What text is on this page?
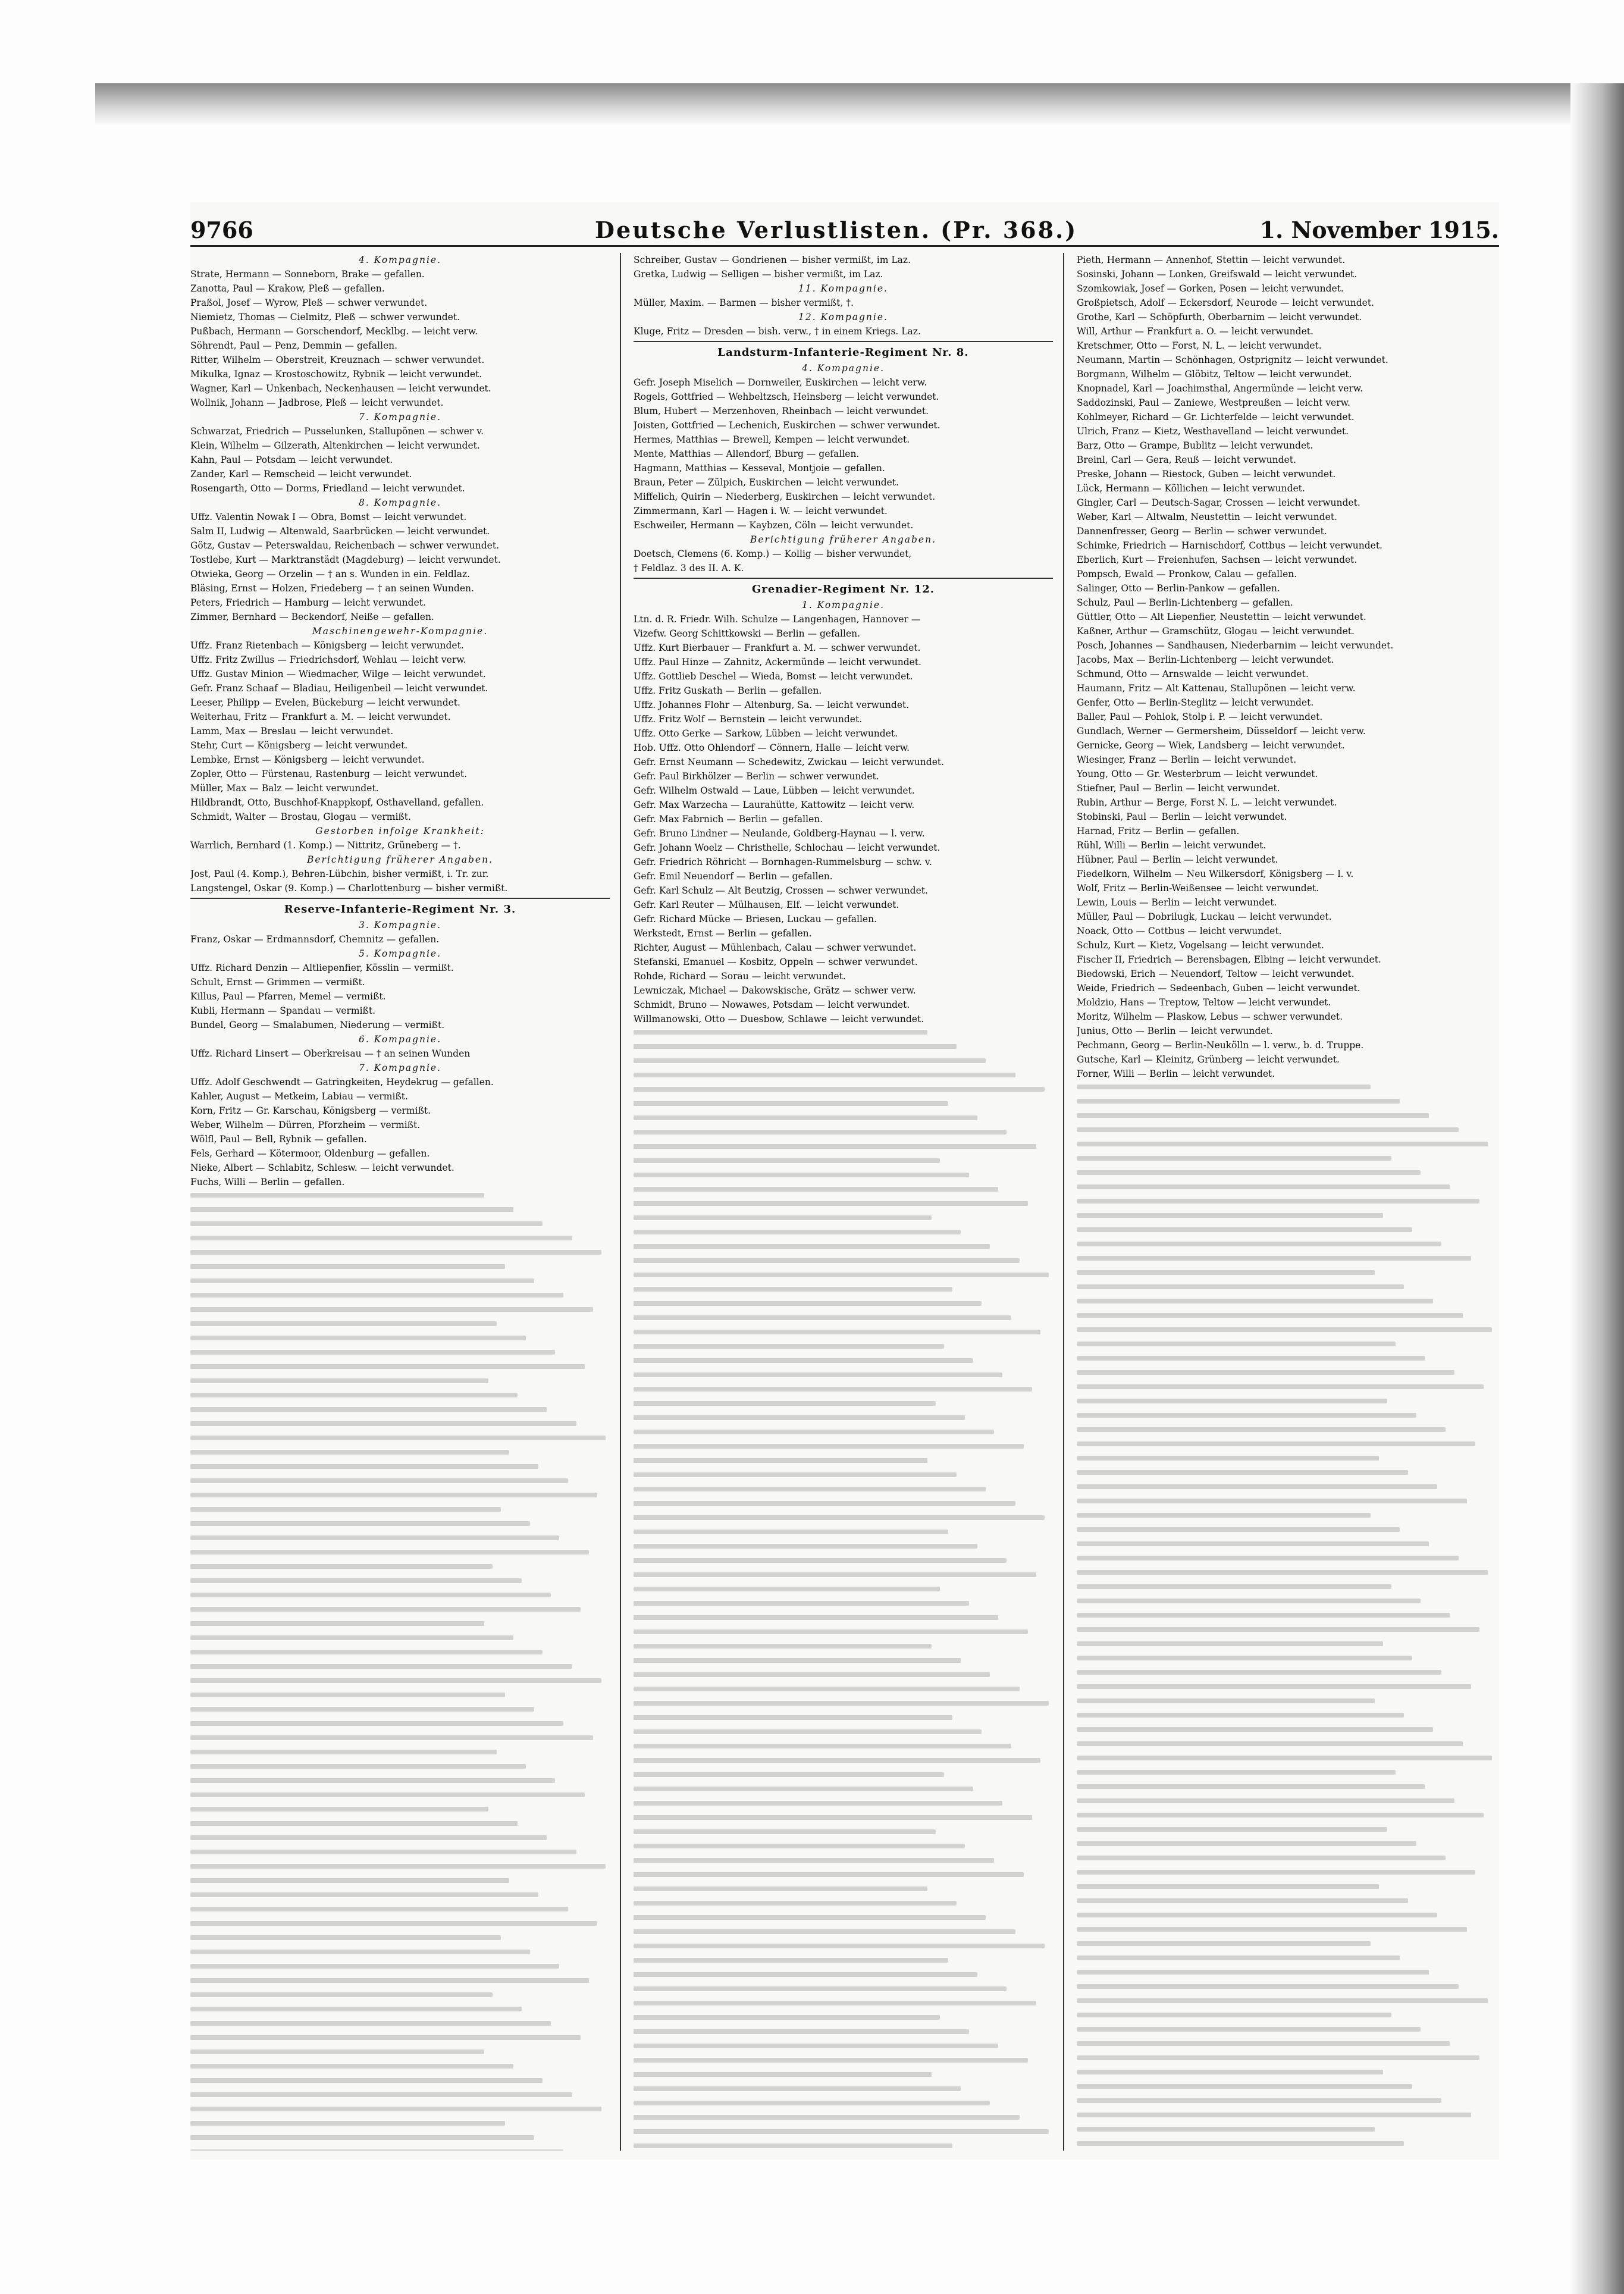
9766	Deutsche Verlustlisten. (Pr. 368.)	1. November 1915.
4. Kompagnie.
Strate, Hermann — Sonneborn, Brake — gefallen.
Zanotta, Paul — Krakow, Pleß — gefallen.
Praßol, Josef — Wyrow, Pleß — schwer verwundet.
Niemietz, Thomas — Cielmitz, Pleß — schwer verwundet.
Pußbach, Hermann — Gorschendorf, Mecklbg. — leicht verw.
Söhrendt, Paul — Penz, Demmin — gefallen.
Ritter, Wilhelm — Oberstreit, Kreuznach — schwer verwundet.
Mikulka, Ignaz — Krostoschowitz, Rybnik — leicht verwundet.
Wagner, Karl — Unkenbach, Neckenhausen — leicht verwundet.
Wollnik, Johann — Jadbrose, Pleß — leicht verwundet.
7. Kompagnie.
Schwarzat, Friedrich — Pusselunken, Stallupönen — schwer v.
Klein, Wilhelm — Gilzerath, Altenkirchen — leicht verwundet.
Kahn, Paul — Potsdam — leicht verwundet.
Zander, Karl — Remscheid — leicht verwundet.
Rosengarth, Otto — Dorms, Friedland — leicht verwundet.
8. Kompagnie.
Uffz. Valentin Nowak I — Obra, Bomst — leicht verwundet.
Salm II, Ludwig — Altenwald, Saarbrücken — leicht verwundet.
Götz, Gustav — Peterswaldau, Reichenbach — schwer verwundet.
Tostlebe, Kurt — Marktranstädt (Magdeburg) — leicht verwundet.
Otwieka, Georg — Orzelin — † an s. Wunden in ein. Feldlaz.
Bläsing, Ernst — Holzen, Friedeberg — † an seinen Wunden.
Peters, Friedrich — Hamburg — leicht verwundet.
Zimmer, Bernhard — Beckendorf, Neiße — gefallen.
Maschinengewehr-Kompagnie.
Uffz. Franz Rietenbach — Königsberg — leicht verwundet.
Uffz. Fritz Zwillus — Friedrichsdorf, Wehlau — leicht verw.
Uffz. Gustav Minion — Wiedmacher, Wilge — leicht verwundet.
Gefr. Franz Schaaf — Bladiau, Heiligenbeil — leicht verwundet.
Leeser, Philipp — Evelen, Bückeburg — leicht verwundet.
Weiterhau, Fritz — Frankfurt a. M. — leicht verwundet.
Lamm, Max — Breslau — leicht verwundet.
Stehr, Curt — Königsberg — leicht verwundet.
Lembke, Ernst — Königsberg — leicht verwundet.
Zopler, Otto — Fürstenau, Rastenburg — leicht verwundet.
Müller, Max — Balz — leicht verwundet.
Hildbrandt, Otto, Buschhof-Knappkopf, Osthavelland, gefallen.
Schmidt, Walter — Brostau, Glogau — vermißt.
Gestorben infolge Krankheit:
Warrlich, Bernhard (1. Komp.) — Nittritz, Grüneberg — †.
Berichtigung früherer Angaben.
Jost, Paul (4. Komp.), Behren-Lübchin, bisher vermißt, i. Tr. zur.
Langstengel, Oskar (9. Komp.) — Charlottenburg — bisher vermißt.
Reserve-Infanterie-Regiment Nr. 3.
3. Kompagnie.
Franz, Oskar — Erdmannsdorf, Chemnitz — gefallen.
5. Kompagnie.
Uffz. Richard Denzin — Altliepenfier, Kösslin — vermißt.
Schult, Ernst — Grimmen — vermißt.
Killus, Paul — Pfarren, Memel — vermißt.
Kubli, Hermann — Spandau — vermißt.
Bundel, Georg — Smalabumen, Niederung — vermißt.
6. Kompagnie.
Uffz. Richard Linsert — Oberkreisau — † an seinen Wunden
7. Kompagnie.
Uffz. Adolf Geschwendt — Gatringkeiten, Heydekrug — gefallen.
Kahler, August — Metkeim, Labiau — vermißt.
Korn, Fritz — Gr. Karschau, Königsberg — vermißt.
Weber, Wilhelm — Dürren, Pforzheim — vermißt.
Wölfl, Paul — Bell, Rybnik — gefallen.
Fels, Gerhard — Kötermoor, Oldenburg — gefallen.
Nieke, Albert — Schlabitz, Schlesw. — leicht verwundet.
Fuchs, Willi — Berlin — gefallen.
Schreiber, Gustav — Gondrienen — bisher vermißt, im Laz.
Gretka, Ludwig — Selligen — bisher vermißt, im Laz.
11. Kompagnie.
Müller, Maxim. — Barmen — bisher vermißt, †.
12. Kompagnie.
Kluge, Fritz — Dresden — bish. verw., † in einem Kriegs. Laz.
Landsturm-Infanterie-Regiment Nr. 8.
4. Kompagnie.
Gefr. Joseph Miselich — Dornweiler, Euskirchen — leicht verw.
Rogels, Gottfried — Wehbeltzsch, Heinsberg — leicht verwundet.
Blum, Hubert — Merzenhoven, Rheinbach — leicht verwundet.
Joisten, Gottfried — Lechenich, Euskirchen — schwer verwundet.
Hermes, Matthias — Brewell, Kempen — leicht verwundet.
Mente, Matthias — Allendorf, Bburg — gefallen.
Hagmann, Matthias — Kesseval, Montjoie — gefallen.
Braun, Peter — Zülpich, Euskirchen — leicht verwundet.
Miffelich, Quirin — Niederberg, Euskirchen — leicht verwundet.
Zimmermann, Karl — Hagen i. W. — leicht verwundet.
Eschweiler, Hermann — Kaybzen, Cöln — leicht verwundet.
Berichtigung früherer Angaben.
Doetsch, Clemens (6. Komp.) — Kollig — bisher verwundet,
† Feldlaz. 3 des II. A. K.
Grenadier-Regiment Nr. 12.
1. Kompagnie.
Ltn. d. R. Friedr. Wilh. Schulze — Langenhagen, Hannover —
Vizefw. Georg Schittkowski — Berlin — gefallen.
Uffz. Kurt Bierbauer — Frankfurt a. M. — schwer verwundet.
Uffz. Paul Hinze — Zahnitz, Ackermünde — leicht verwundet.
Uffz. Gottlieb Deschel — Wieda, Bomst — leicht verwundet.
Uffz. Fritz Guskath — Berlin — gefallen.
Uffz. Johannes Flohr — Altenburg, Sa. — leicht verwundet.
Uffz. Fritz Wolf — Bernstein — leicht verwundet.
Uffz. Otto Gerke — Sarkow, Lübben — leicht verwundet.
Hob. Uffz. Otto Ohlendorf — Cönnern, Halle — leicht verw.
Gefr. Ernst Neumann — Schedewitz, Zwickau — leicht verwundet.
Gefr. Paul Birkhölzer — Berlin — schwer verwundet.
Gefr. Wilhelm Ostwald — Laue, Lübben — leicht verwundet.
Gefr. Max Warzecha — Laurahütte, Kattowitz — leicht verw.
Gefr. Max Fabrnich — Berlin — gefallen.
Gefr. Bruno Lindner — Neulande, Goldberg-Haynau — l. verw.
Gefr. Johann Woelz — Christhelle, Schlochau — leicht verwundet.
Gefr. Friedrich Röhricht — Bornhagen-Rummelsburg — schw. v.
Gefr. Emil Neuendorf — Berlin — gefallen.
Gefr. Karl Schulz — Alt Beutzig, Crossen — schwer verwundet.
Gefr. Karl Reuter — Mülhausen, Elf. — leicht verwundet.
Gefr. Richard Mücke — Briesen, Luckau — gefallen.
Werkstedt, Ernst — Berlin — gefallen.
Richter, August — Mühlenbach, Calau — schwer verwundet.
Stefanski, Emanuel — Kosbitz, Oppeln — schwer verwundet.
Rohde, Richard — Sorau — leicht verwundet.
Lewniczak, Michael — Dakowskische, Grätz — schwer verw.
Schmidt, Bruno — Nowawes, Potsdam — leicht verwundet.
Willmanowski, Otto — Duesbow, Schlawe — leicht verwundet.
Pieth, Hermann — Annenhof, Stettin — leicht verwundet.
Sosinski, Johann — Lonken, Greifswald — leicht verwundet.
Szomkowiak, Josef — Gorken, Posen — leicht verwundet.
Großpietsch, Adolf — Eckersdorf, Neurode — leicht verwundet.
Grothe, Karl — Schöpfurth, Oberbarnim — leicht verwundet.
Will, Arthur — Frankfurt a. O. — leicht verwundet.
Kretschmer, Otto — Forst, N. L. — leicht verwundet.
Neumann, Martin — Schönhagen, Ostprignitz — leicht verwundet.
Borgmann, Wilhelm — Glöbitz, Teltow — leicht verwundet.
Knopnadel, Karl — Joachimsthal, Angermünde — leicht verw.
Saddozinski, Paul — Zaniewe, Westpreußen — leicht verw.
Kohlmeyer, Richard — Gr. Lichterfelde — leicht verwundet.
Ulrich, Franz — Kietz, Westhavelland — leicht verwundet.
Barz, Otto — Grampe, Bublitz — leicht verwundet.
Breinl, Carl — Gera, Reuß — leicht verwundet.
Preske, Johann — Riestock, Guben — leicht verwundet.
Lück, Hermann — Köllichen — leicht verwundet.
Gingler, Carl — Deutsch-Sagar, Crossen — leicht verwundet.
Weber, Karl — Altwalm, Neustettin — leicht verwundet.
Dannenfresser, Georg — Berlin — schwer verwundet.
Schimke, Friedrich — Harnischdorf, Cottbus — leicht verwundet.
Eberlich, Kurt — Freienhufen, Sachsen — leicht verwundet.
Pompsch, Ewald — Pronkow, Calau — gefallen.
Salinger, Otto — Berlin-Pankow — gefallen.
Schulz, Paul — Berlin-Lichtenberg — gefallen.
Güttler, Otto — Alt Liepenfier, Neustettin — leicht verwundet.
Kaßner, Arthur — Gramschütz, Glogau — leicht verwundet.
Posch, Johannes — Sandhausen, Niederbarnim — leicht verwundet.
Jacobs, Max — Berlin-Lichtenberg — leicht verwundet.
Schmund, Otto — Arnswalde — leicht verwundet.
Haumann, Fritz — Alt Kattenau, Stallupönen — leicht verw.
Genfer, Otto — Berlin-Steglitz — leicht verwundet.
Baller, Paul — Pohlok, Stolp i. P. — leicht verwundet.
Gundlach, Werner — Germersheim, Düsseldorf — leicht verw.
Gernicke, Georg — Wiek, Landsberg — leicht verwundet.
Wiesinger, Franz — Berlin — leicht verwundet.
Young, Otto — Gr. Westerbrum — leicht verwundet.
Stiefner, Paul — Berlin — leicht verwundet.
Rubin, Arthur — Berge, Forst N. L. — leicht verwundet.
Stobinski, Paul — Berlin — leicht verwundet.
Harnad, Fritz — Berlin — gefallen.
Rühl, Willi — Berlin — leicht verwundet.
Hübner, Paul — Berlin — leicht verwundet.
Fiedelkorn, Wilhelm — Neu Wilkersdorf, Königsberg — l. v.
Wolf, Fritz — Berlin-Weißensee — leicht verwundet.
Lewin, Louis — Berlin — leicht verwundet.
Müller, Paul — Dobrilugk, Luckau — leicht verwundet.
Noack, Otto — Cottbus — leicht verwundet.
Schulz, Kurt — Kietz, Vogelsang — leicht verwundet.
Fischer II, Friedrich — Berensbagen, Elbing — leicht verwundet.
Biedowski, Erich — Neuendorf, Teltow — leicht verwundet.
Weide, Friedrich — Sedeenbach, Guben — leicht verwundet.
Moldzio, Hans — Treptow, Teltow — leicht verwundet.
Moritz, Wilhelm — Plaskow, Lebus — schwer verwundet.
Junius, Otto — Berlin — leicht verwundet.
Pechmann, Georg — Berlin-Neukölln — l. verw., b. d. Truppe.
Gutsche, Karl — Kleinitz, Grünberg — leicht verwundet.
Forner, Willi — Berlin — leicht verwundet.
